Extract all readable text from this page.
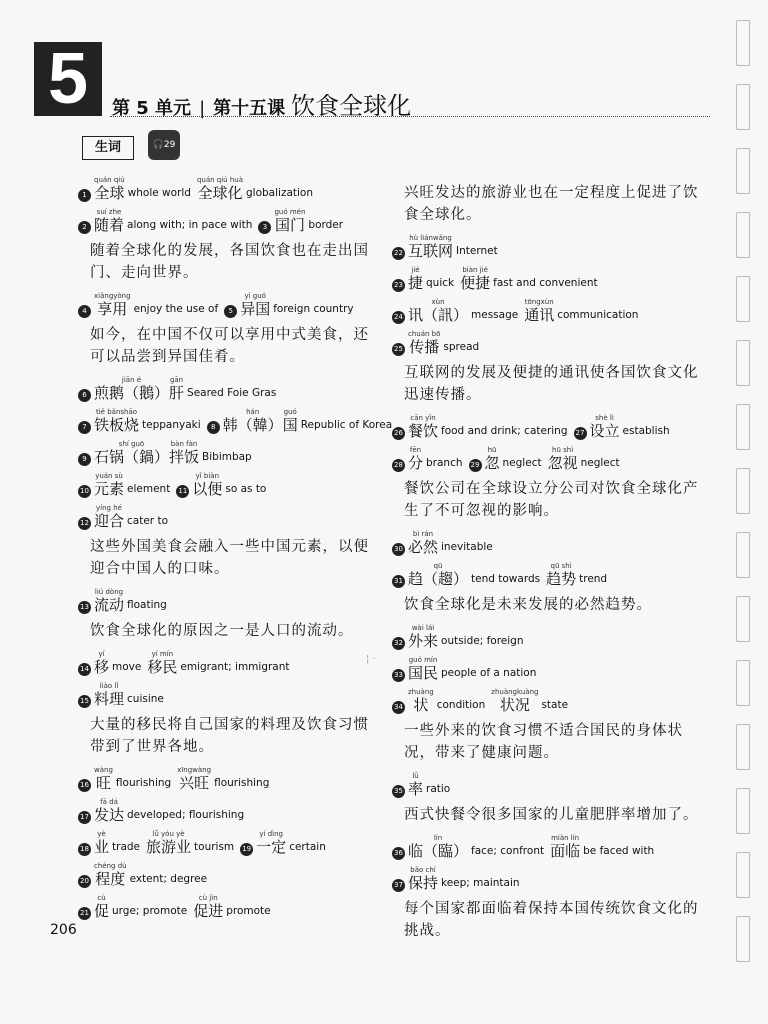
5	第 5 单元 | 第十五课 饮食全球化
生词	🎧29
1
quán qiú
全球 whole world
quán qiú huà
全球化 globalization
2
suí zhe
随着 along with; in pace with 3
guó mén
国门 border
随着全球化的发展，各国饮食也在走出国门、走向世界。
4
xiǎngyòng
享用 enjoy the use of 5
yì guó
异国 foreign country
如今，在中国不仅可以享用中式美食，还可以品尝到异国佳肴。
6
jiān é
煎鹅（鵝）
gān
肝 Seared Foie Gras
7
tiě bǎnshāo
铁板烧 teppanyaki 8
hán
韩（韓）
guó
国 Republic of Korea
9
shí guō
石锅（鍋）
bàn fàn
拌饭 Bibimbap
10
yuán sù
元素 element 11
yǐ biàn
以便 so as to
12
yíng hé
迎合 cater to
这些外国美食会融入一些中国元素，以便迎合中国人的口味。
13
liú dòng
流动 floating
饮食全球化的原因之一是人口的流动。
14
yí
移 move
yí mín
移民 emigrant; immigrant
15
liào lǐ
料理 cuisine
大量的移民将自己国家的料理及饮食习惯带到了世界各地。
16
wàng
旺 flourishing
xīngwàng
兴旺 flourishing
17
fā dá
发达 developed; flourishing
18
yè
业 trade
lǚ yóu yè
旅游业 tourism 19
yí dìng
一定 certain
20
chéng dù
程度 extent; degree
21
cù
促 urge; promote
cù jìn
促进 promote
兴旺发达的旅游业也在一定程度上促进了饮食全球化。
22
hù liánwǎng
互联网 Internet
23
jié
捷 quick
biàn jié
便捷 fast and convenient
24
xùn
讯（訊） message
tōngxùn
通讯 communication
25
chuán bō
传播 spread
互联网的发展及便捷的通讯使各国饮食文化迅速传播。
26
cān yǐn
餐饮 food and drink; catering 27
shè lì
设立 establish
28
fēn
分 branch 29
hū
忽 neglect
hū shì
忽视 neglect
餐饮公司在全球设立分公司对饮食全球化产生了不可忽视的影响。
30
bì rán
必然 inevitable
31
qū
趋（趨） tend towards
qū shì
趋势 trend
饮食全球化是未来发展的必然趋势。
32
wài lái
外来 outside; foreign
33
guó mín
国民 people of a nation
34
zhuàng
状 condition
zhuàngkuàng
状况	state
一些外来的饮食习惯不适合国民的身体状况，带来了健康问题。
35
lǜ
率 ratio
西式快餐令很多国家的儿童肥胖率增加了。
36
lín
临（臨） face; confront
miàn lín
面临 be faced with
37
bǎo chí
保持 keep; maintain
每个国家都面临着保持本国传统饮食文化的挑战。
¦ ·
206
